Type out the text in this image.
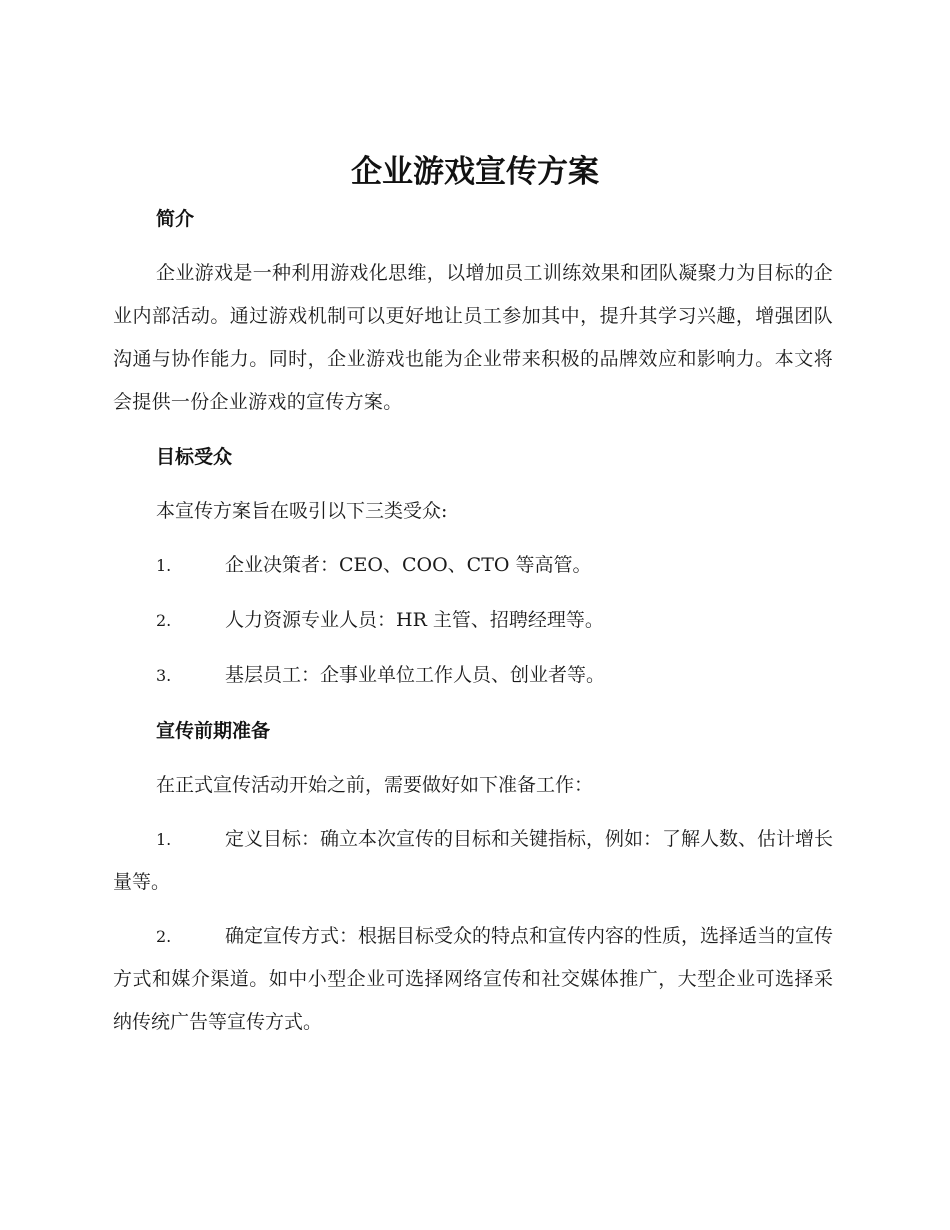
企业游戏宣传方案
简介

企业游戏是一种利用游戏化思维，以增加员工训练效果和团队凝聚力为目标的企业内部活动。通过游戏机制可以更好地让员工参加其中，提升其学习兴趣，增强团队沟通与协作能力。同时，企业游戏也能为企业带来积极的品牌效应和影响力。本文将会提供一份企业游戏的宣传方案。

目标受众

本宣传方案旨在吸引以下三类受众:

1.	企业决策者：CEO、COO、CTO 等高管。

2.	人力资源专业人员：HR 主管、招聘经理等。

3.	基层员工：企事业单位工作人员、创业者等。

宣传前期准备

在正式宣传活动开始之前，需要做好如下准备工作：

1.	定义目标：确立本次宣传的目标和关键指标，例如：了解人数、估计增长量等。

2.	确定宣传方式：根据目标受众的特点和宣传内容的性质，选择适当的宣传方式和媒介渠道。如中小型企业可选择网络宣传和社交媒体推广，大型企业可选择采纳传统广告等宣传方式。
